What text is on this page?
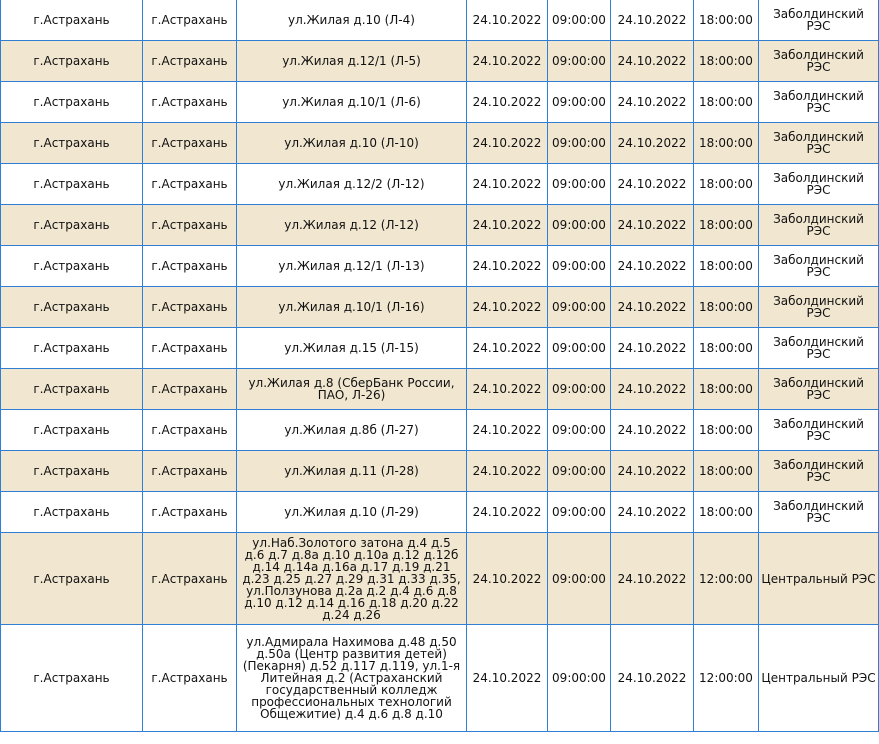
г.Астрахань	г.Астрахань	ул.Жилая д.10 (Л-4)	24.10.2022	09:00:00	24.10.2022	18:00:00	Заболдинский РЭС
г.Астрахань	г.Астрахань	ул.Жилая д.12/1 (Л-5)	24.10.2022	09:00:00	24.10.2022	18:00:00	Заболдинский РЭС
г.Астрахань	г.Астрахань	ул.Жилая д.10/1 (Л-6)	24.10.2022	09:00:00	24.10.2022	18:00:00	Заболдинский РЭС
г.Астрахань	г.Астрахань	ул.Жилая д.10 (Л-10)	24.10.2022	09:00:00	24.10.2022	18:00:00	Заболдинский РЭС
г.Астрахань	г.Астрахань	ул.Жилая д.12/2 (Л-12)	24.10.2022	09:00:00	24.10.2022	18:00:00	Заболдинский РЭС
г.Астрахань	г.Астрахань	ул.Жилая д.12 (Л-12)	24.10.2022	09:00:00	24.10.2022	18:00:00	Заболдинский РЭС
г.Астрахань	г.Астрахань	ул.Жилая д.12/1 (Л-13)	24.10.2022	09:00:00	24.10.2022	18:00:00	Заболдинский РЭС
г.Астрахань	г.Астрахань	ул.Жилая д.10/1 (Л-16)	24.10.2022	09:00:00	24.10.2022	18:00:00	Заболдинский РЭС
г.Астрахань	г.Астрахань	ул.Жилая д.15 (Л-15)	24.10.2022	09:00:00	24.10.2022	18:00:00	Заболдинский РЭС
г.Астрахань	г.Астрахань	ул.Жилая д.8 (СберБанк России, ПАО, Л-26)	24.10.2022	09:00:00	24.10.2022	18:00:00	Заболдинский РЭС
г.Астрахань	г.Астрахань	ул.Жилая д.8б (Л-27)	24.10.2022	09:00:00	24.10.2022	18:00:00	Заболдинский РЭС
г.Астрахань	г.Астрахань	ул.Жилая д.11 (Л-28)	24.10.2022	09:00:00	24.10.2022	18:00:00	Заболдинский РЭС
г.Астрахань	г.Астрахань	ул.Жилая д.10 (Л-29)	24.10.2022	09:00:00	24.10.2022	18:00:00	Заболдинский РЭС
г.Астрахань	г.Астрахань	ул.Наб.Золотого затона д.4 д.5 д.6 д.7 д.8а д.10 д.10а д.12 д.12б д.14 д.14а д.16а д.17 д.19 д.21 д.23 д.25 д.27 д.29 д.31 д.33 д.35, ул.Ползунова д.2а д.2 д.4 д.6 д.8 д.10 д.12 д.14 д.16 д.18 д.20 д.22 д.24 д.26	24.10.2022	09:00:00	24.10.2022	12:00:00	Центральный РЭС
г.Астрахань	г.Астрахань	ул.Адмирала Нахимова д.48 д.50 д.50а (Центр развития детей) (Пекарня) д.52 д.117 д.119, ул.1-я Литейная д.2 (Астраханский государственный колледж профессиональных технологий Общежитие) д.4 д.6 д.8 д.10	24.10.2022	09:00:00	24.10.2022	12:00:00	Центральный РЭС
